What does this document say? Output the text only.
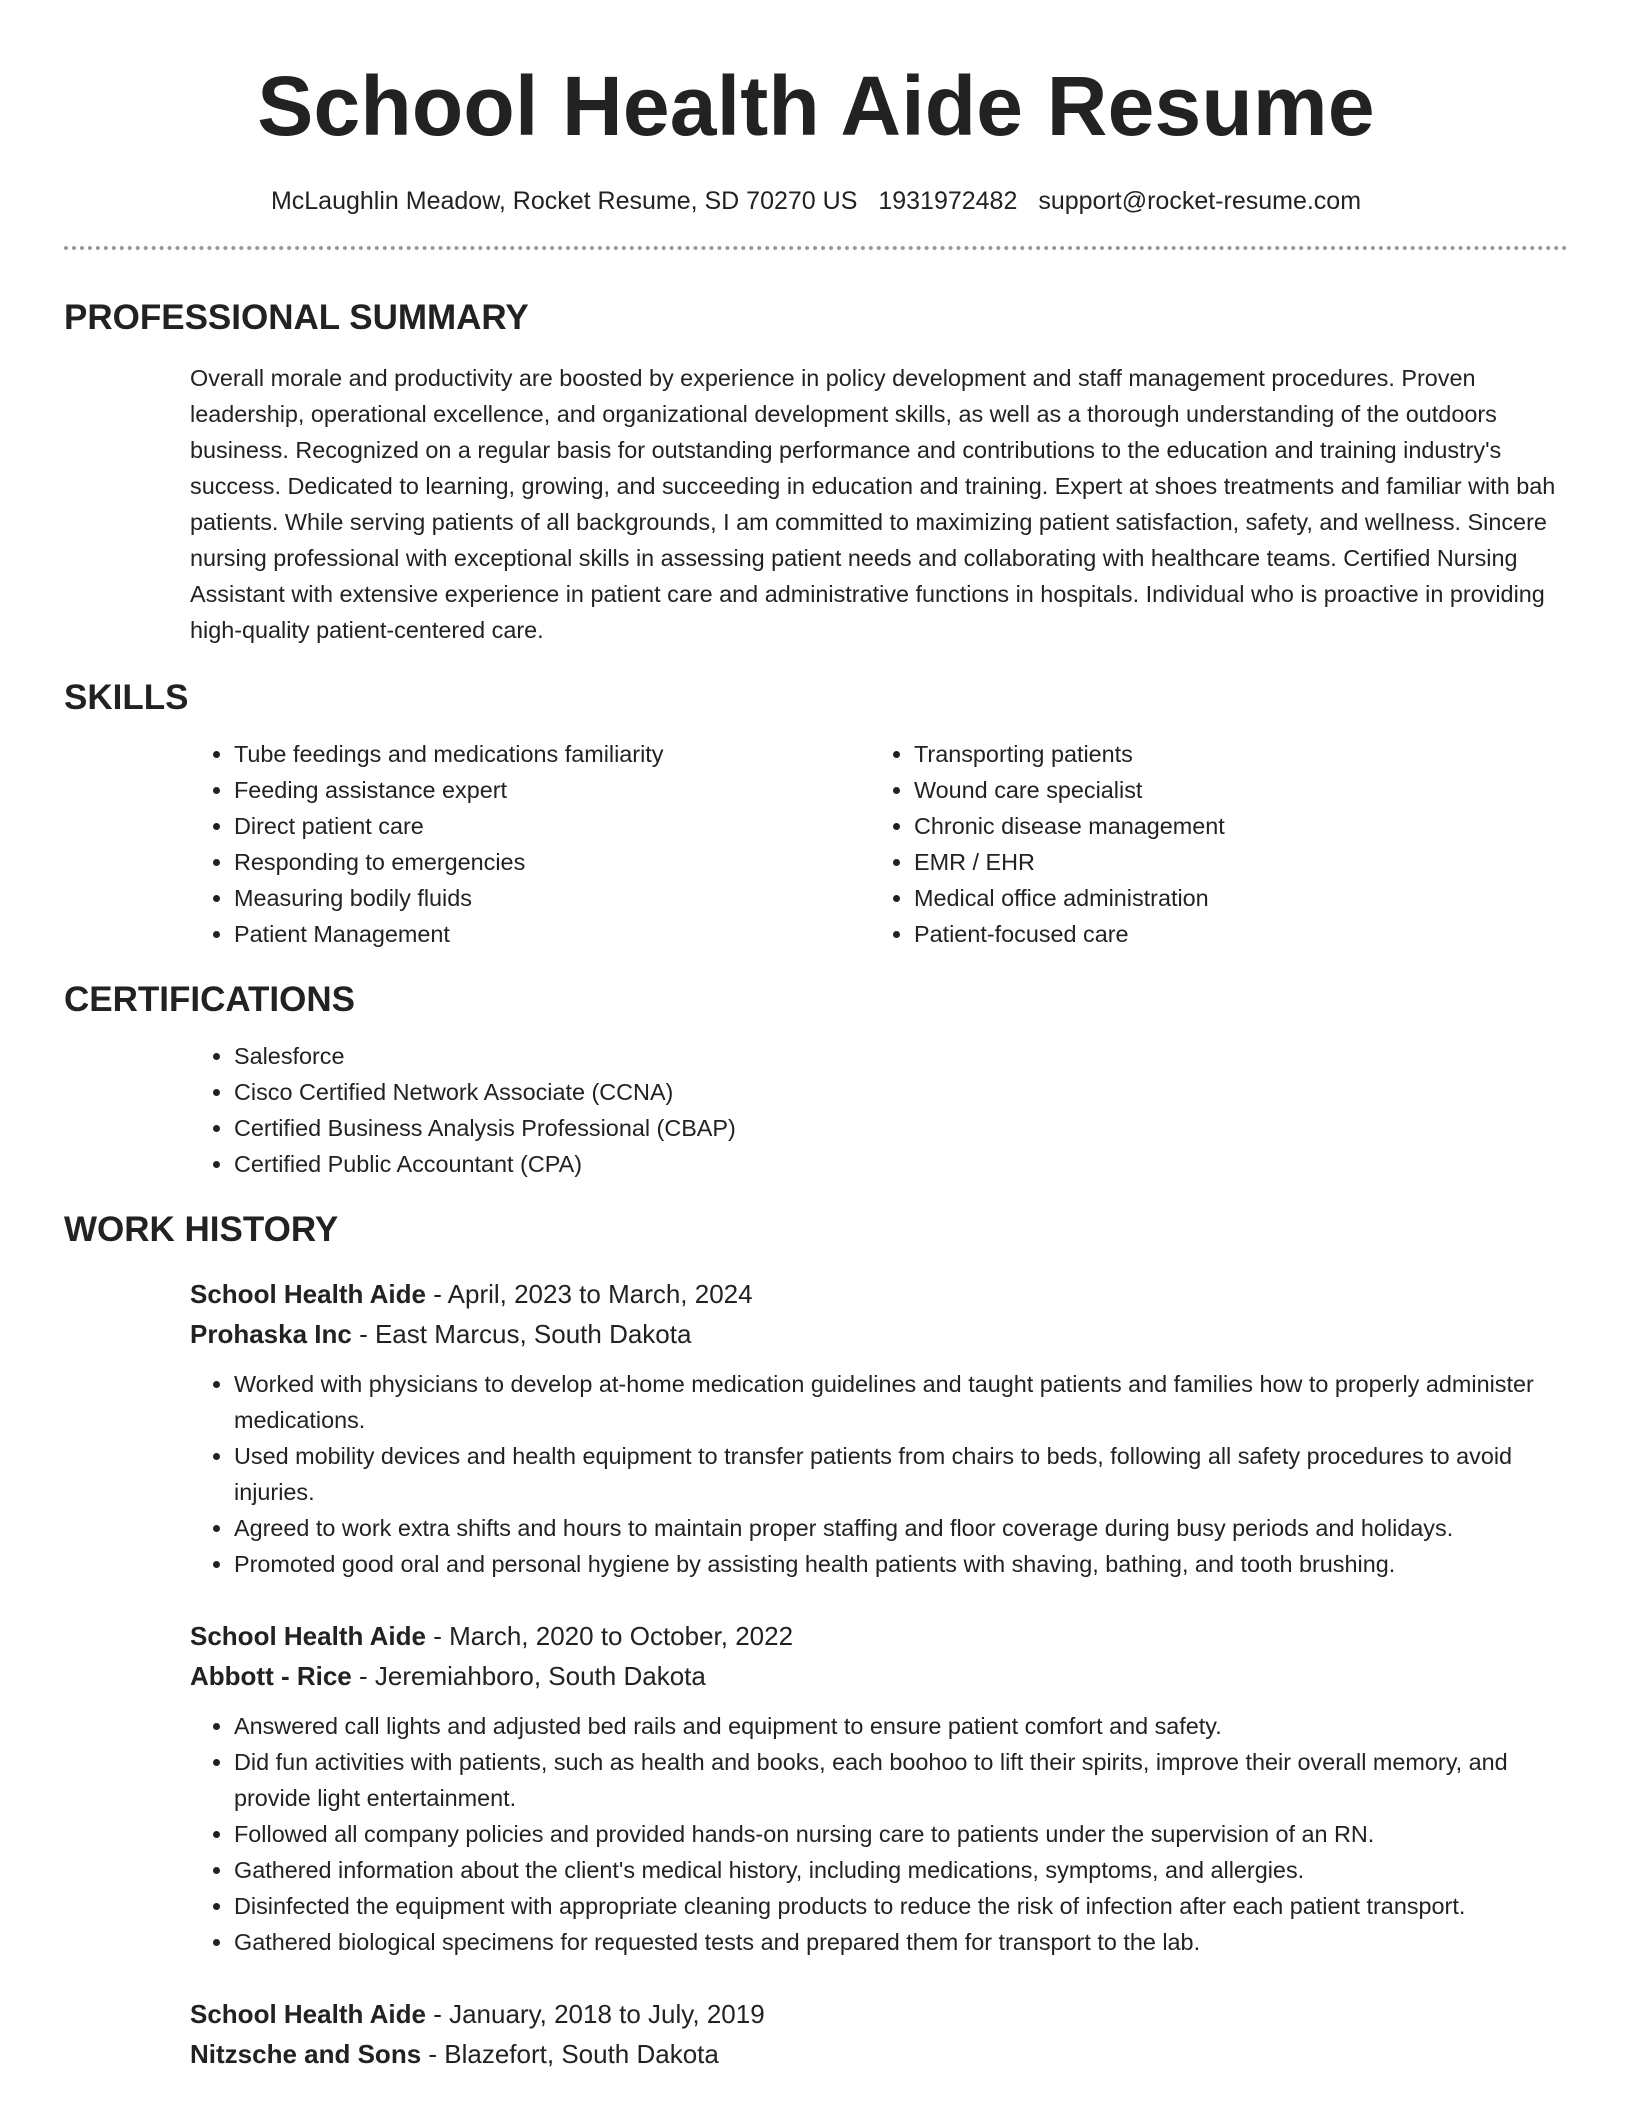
School Health Aide Resume
McLaughlin Meadow, Rocket Resume, SD 70270 US 1931972482 support@rocket-resume.com
PROFESSIONAL SUMMARY

Overall morale and productivity are boosted by experience in policy development and staff management procedures. Proven leadership, operational excellence, and organizational development skills, as well as a thorough understanding of the outdoors business. Recognized on a regular basis for outstanding performance and contributions to the education and training industry's success. Dedicated to learning, growing, and succeeding in education and training. Expert at shoes treatments and familiar with bah patients. While serving patients of all backgrounds, I am committed to maximizing patient satisfaction, safety, and wellness. Sincere nursing professional with exceptional skills in assessing patient needs and collaborating with healthcare teams. Certified Nursing Assistant with extensive experience in patient care and administrative functions in hospitals. Individual who is proactive in providing high-quality patient-centered care.

SKILLS
• Tube feedings and medications familiarity
• Feeding assistance expert
• Direct patient care
• Responding to emergencies
• Measuring bodily fluids
• Patient Management
• Transporting patients
• Wound care specialist
• Chronic disease management
• EMR / EHR
• Medical office administration
• Patient-focused care
CERTIFICATIONS
• Salesforce
• Cisco Certified Network Associate (CCNA)
• Certified Business Analysis Professional (CBAP)
• Certified Public Accountant (CPA)
WORK HISTORY
School Health Aide - April, 2023 to March, 2024
Prohaska Inc - East Marcus, South Dakota
• Worked with physicians to develop at-home medication guidelines and taught patients and families how to properly administer medications.
• Used mobility devices and health equipment to transfer patients from chairs to beds, following all safety procedures to avoid injuries.
• Agreed to work extra shifts and hours to maintain proper staffing and floor coverage during busy periods and holidays.
• Promoted good oral and personal hygiene by assisting health patients with shaving, bathing, and tooth brushing.
School Health Aide - March, 2020 to October, 2022
Abbott - Rice - Jeremiahboro, South Dakota
• Answered call lights and adjusted bed rails and equipment to ensure patient comfort and safety.
• Did fun activities with patients, such as health and books, each boohoo to lift their spirits, improve their overall memory, and provide light entertainment.
• Followed all company policies and provided hands-on nursing care to patients under the supervision of an RN.
• Gathered information about the client's medical history, including medications, symptoms, and allergies.
• Disinfected the equipment with appropriate cleaning products to reduce the risk of infection after each patient transport.
• Gathered biological specimens for requested tests and prepared them for transport to the lab.
School Health Aide - January, 2018 to July, 2019
Nitzsche and Sons - Blazefort, South Dakota
